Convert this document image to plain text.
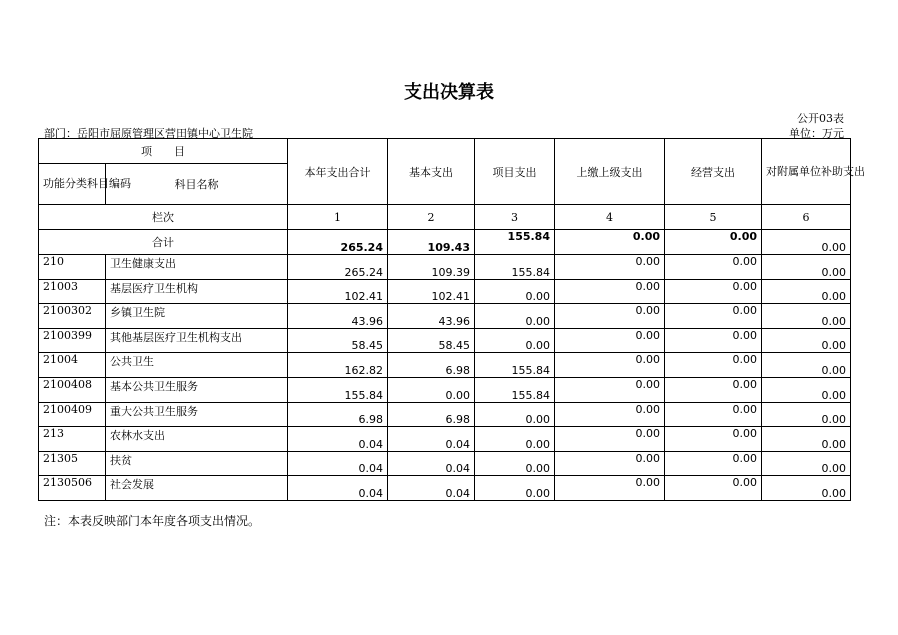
支出决算表
公开03表
部门：岳阳市屈原管理区营田镇中心卫生院	单位：万元
项　　目		本年支出合计	基本支出	项目支出	上缴上级支出	经营支出	对附属单位补助支出
功能分类科目编码	科目名称						
栏次		1	2	3	4	5	6
合计		265.24	109.43	155.84	0.00	0.00	0.00
210	卫生健康支出	265.24	109.39	155.84	0.00	0.00	0.00
21003	基层医疗卫生机构	102.41	102.41	0.00	0.00	0.00	0.00
2100302	乡镇卫生院	43.96	43.96	0.00	0.00	0.00	0.00
2100399	其他基层医疗卫生机构支出	58.45	58.45	0.00	0.00	0.00	0.00
21004	公共卫生	162.82	6.98	155.84	0.00	0.00	0.00
2100408	基本公共卫生服务	155.84	0.00	155.84	0.00	0.00	0.00
2100409	重大公共卫生服务	6.98	6.98	0.00	0.00	0.00	0.00
213	农林水支出	0.04	0.04	0.00	0.00	0.00	0.00
21305	扶贫	0.04	0.04	0.00	0.00	0.00	0.00
2130506	社会发展	0.04	0.04	0.00	0.00	0.00	0.00
注：本表反映部门本年度各项支出情况。
